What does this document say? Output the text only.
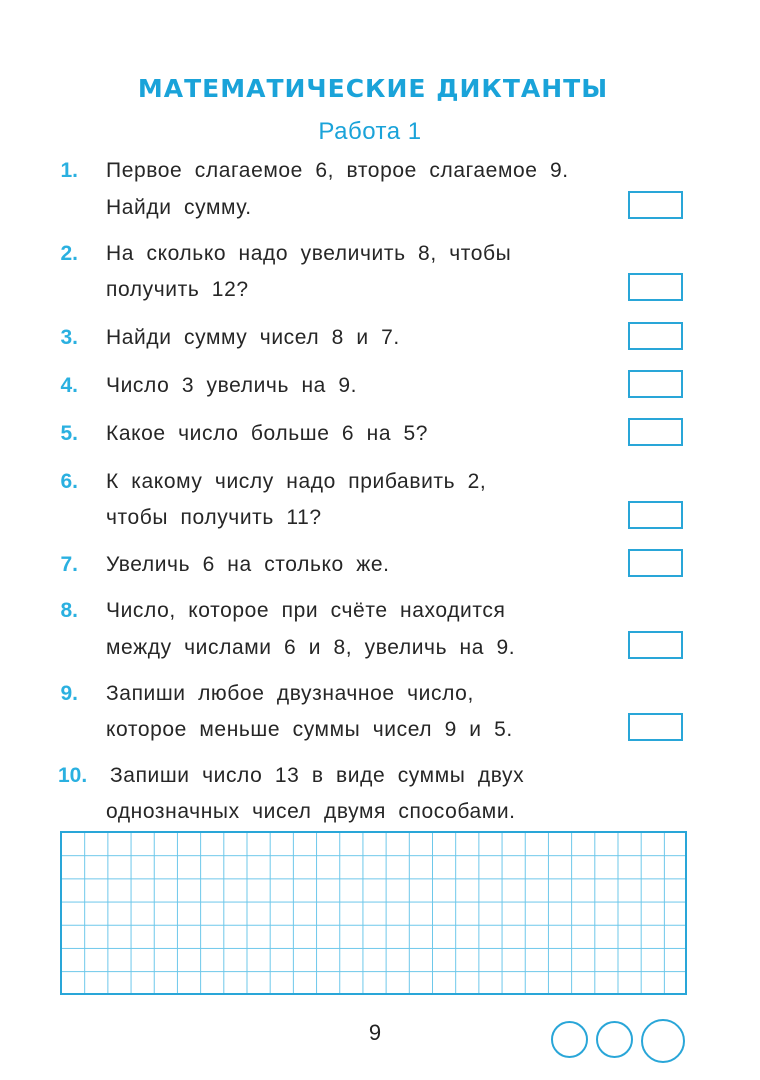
МАТЕМАТИЧЕСКИЕ ДИКТАНТЫ
Работа 1
1. Первое слагаемое 6, второе слагаемое 9.
Найди сумму.
2. На сколько надо увеличить 8, чтобы
получить 12?
3. Найди сумму чисел 8 и 7.
4. Число 3 увеличь на 9.
5. Какое число больше 6 на 5?
6. К какому числу надо прибавить 2,
чтобы получить 11?
7. Увеличь 6 на столько же.
8. Число, которое при счёте находится
между числами 6 и 8, увеличь на 9.
9. Запиши любое двузначное число,
которое меньше суммы чисел 9 и 5.
10.	Запиши число 13 в виде суммы двух
однозначных чисел двумя способами.
9
